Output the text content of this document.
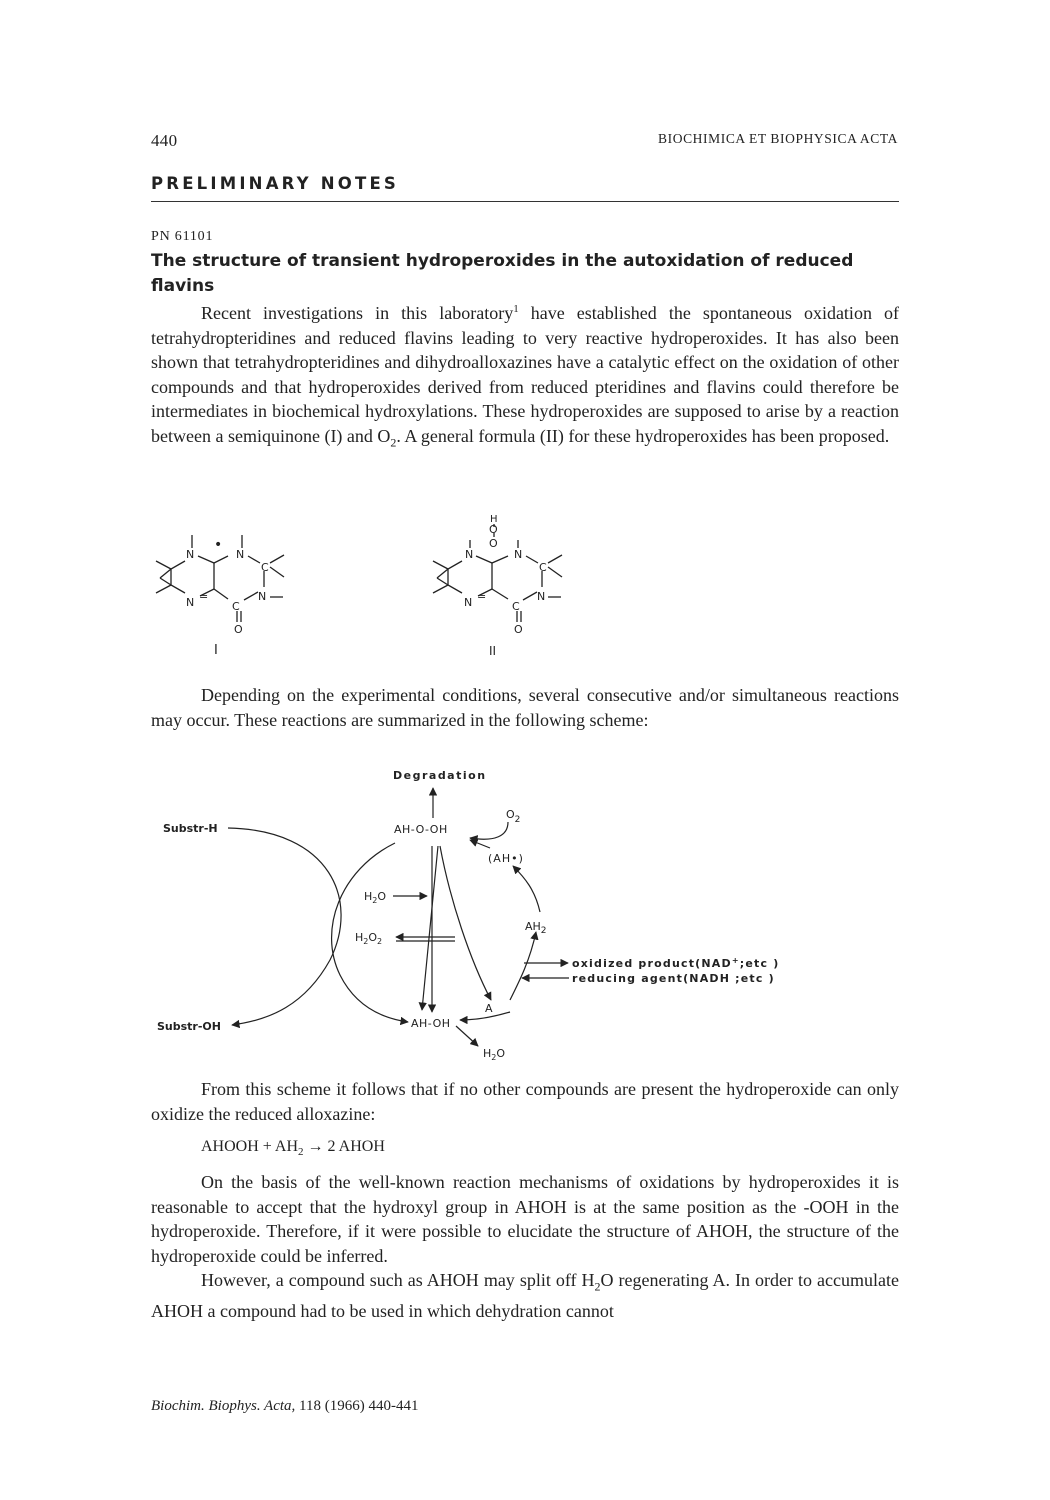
440	BIOCHIMICA ET BIOPHYSICA ACTA
PRELIMINARY NOTES
PN 61101
The structure of transient hydroperoxides in the autoxidation of reduced flavins

Recent investigations in this laboratory$^1$ have established the spontaneous oxidation of tetrahydropteridines and reduced flavins leading to very reactive hydroperoxides. It has also been shown that tetrahydropteridines and dihydroalloxazines have a catalytic effect on the oxidation of other compounds and that hydroperoxides derived from reduced pteridines and flavins could therefore be intermediates in biochemical hydroxylations. These hydroperoxides are supposed to arise by a reaction between a semiquinone (I) and $O_2$. A general formula (II) for these hydroperoxides has been proposed.

N
•
N
C
N
N =
C
O
I
H
O
O
N	N
C
N
N =
C
O
II

Depending on the experimental conditions, several consecutive and/or simultaneous reactions may occur. These reactions are summarized in the following scheme:

Degradation
$O_2$
AH-O-OH
(AH•)
Substr-H
Substr-OH
$H_2O$
$H_2O_2$
$AH_2$
oxidized product(NAD+;etc )
reducing agent(NADH ;etc )
A
AH-OH
$H_2O$

From this scheme it follows that if no other compounds are present the hydroperoxide can only oxidize the reduced alloxazine:

AHOOH + $AH_2 \to 2$ AHOH

On the basis of the well-known reaction mechanisms of oxidations by hydroperoxides it is reasonable to accept that the hydroxyl group in AHOH is at the same position as the -OOH in the hydroperoxide. Therefore, if it were possible to elucidate the structure of AHOH, the structure of the hydroperoxide could be inferred.

However, a compound such as AHOH may split off $H_2O$ regenerating A. In order to accumulate AHOH a compound had to be used in which dehydration cannot

Biochim. Biophys. Acta, 118 (1966) 440-441
